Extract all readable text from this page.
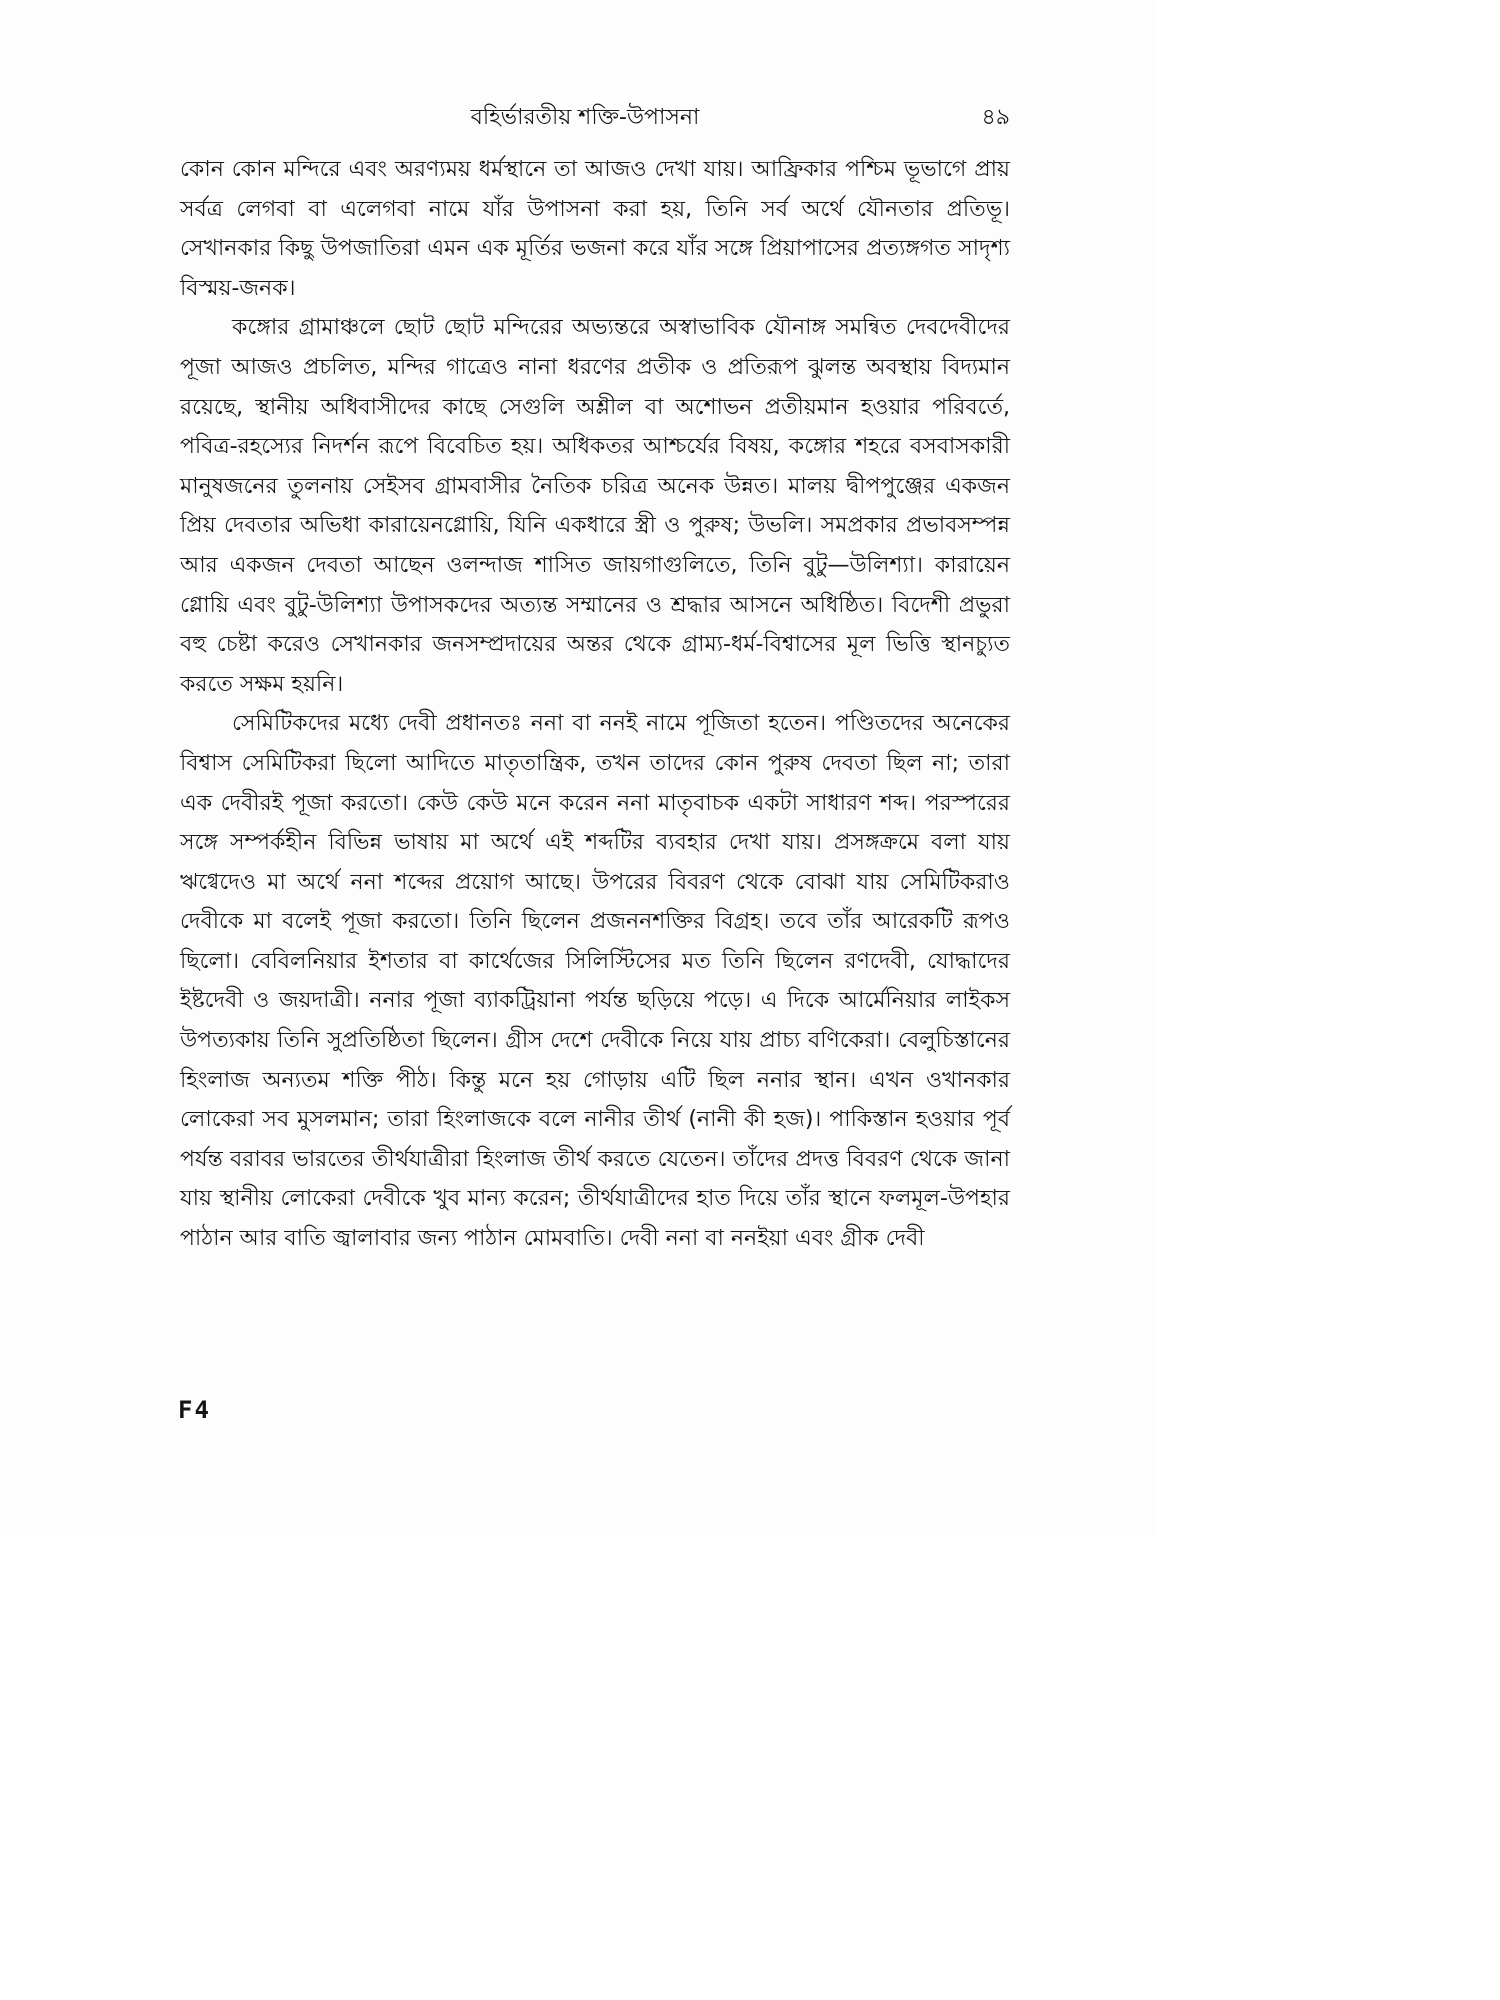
বহির্ভারতীয় শক্তি-উপাসনা	৪৯

কোন কোন মন্দিরে এবং অরণ্যময় ধর্মস্থানে তা আজও দেখা যায়। আফ্রিকার পশ্চিম ভূভাগে প্রায় সর্বত্র লেগবা বা এলেগবা নামে যাঁর উপাসনা করা হয়, তিনি সর্ব অর্থে যৌনতার প্রতিভূ। সেখানকার কিছু উপজাতিরা এমন এক মূর্তির ভজনা করে যাঁর সঙ্গে প্রিয়াপাসের প্রত্যঙ্গগত সাদৃশ্য বিস্ময়-জনক।

কঙ্গোর গ্রামাঞ্চলে ছোট ছোট মন্দিরের অভ্যন্তরে অস্বাভাবিক যৌনাঙ্গ সমন্বিত দেবদেবীদের পূজা আজও প্রচলিত, মন্দির গাত্রেও নানা ধরণের প্রতীক ও প্রতিরূপ ঝুলন্ত অবস্থায় বিদ্যমান রয়েছে, স্থানীয় অধিবাসীদের কাছে সেগুলি অশ্লীল বা অশোভন প্রতীয়মান হওয়ার পরিবর্তে, পবিত্র-রহস্যের নিদর্শন রূপে বিবেচিত হয়। অধিকতর আশ্চর্যের বিষয়, কঙ্গোর শহরে বসবাসকারী মানুষজনের তুলনায় সেইসব গ্রামবাসীর নৈতিক চরিত্র অনেক উন্নত। মালয় দ্বীপপুঞ্জের একজন প্রিয় দেবতার অভিধা কারায়েনগ্লোয়ি, যিনি একধারে স্ত্রী ও পুরুষ; উভলি। সমপ্রকার প্রভাবসম্পন্ন আর একজন দেবতা আছেন ওলন্দাজ শাসিত জায়গাগুলিতে, তিনি বুটু—উলিশ্যা। কারায়েন গ্লোয়ি এবং বুটু-উলিশ্যা উপাসকদের অত্যন্ত সম্মানের ও শ্রদ্ধার আসনে অধিষ্ঠিত। বিদেশী প্রভুরা বহু চেষ্টা করেও সেখানকার জনসম্প্রদায়ের অন্তর থেকে গ্রাম্য-ধর্ম-বিশ্বাসের মূল ভিত্তি স্থানচ্যুত করতে সক্ষম হয়নি।

সেমিটিকদের মধ্যে দেবী প্রধানতঃ ননা বা ননই নামে পূজিতা হতেন। পণ্ডিতদের অনেকের বিশ্বাস সেমিটিকরা ছিলো আদিতে মাতৃতান্ত্রিক, তখন তাদের কোন পুরুষ দেবতা ছিল না; তারা এক দেবীরই পূজা করতো। কেউ কেউ মনে করেন ননা মাতৃবাচক একটা সাধারণ শব্দ। পরস্পরের সঙ্গে সম্পর্কহীন বিভিন্ন ভাষায় মা অর্থে এই শব্দটির ব্যবহার দেখা যায়। প্রসঙ্গক্রমে বলা যায় ঋগ্বেদেও মা অর্থে ননা শব্দের প্রয়োগ আছে। উপরের বিবরণ থেকে বোঝা যায় সেমিটিকরাও দেবীকে মা বলেই পূজা করতো। তিনি ছিলেন প্রজননশক্তির বিগ্রহ। তবে তাঁর আরেকটি রূপও ছিলো। বেবিলনিয়ার ইশতার বা কার্থেজের সিলিস্টিসের মত তিনি ছিলেন রণদেবী, যোদ্ধাদের ইষ্টদেবী ও জয়দাত্রী। ননার পূজা ব্যাকট্রিয়ানা পর্যন্ত ছড়িয়ে পড়ে। এ দিকে আর্মেনিয়ার লাইকস উপত্যকায় তিনি সুপ্রতিষ্ঠিতা ছিলেন। গ্রীস দেশে দেবীকে নিয়ে যায় প্রাচ্য বণিকেরা। বেলুচিস্তানের হিংলাজ অন্যতম শক্তি পীঠ। কিন্তু মনে হয় গোড়ায় এটি ছিল ননার স্থান। এখন ওখানকার লোকেরা সব মুসলমান; তারা হিংলাজকে বলে নানীর তীর্থ (নানী কী হজ)। পাকিস্তান হওয়ার পূর্ব পর্যন্ত বরাবর ভারতের তীর্থযাত্রীরা হিংলাজ তীর্থ করতে যেতেন। তাঁদের প্রদত্ত বিবরণ থেকে জানা যায় স্থানীয় লোকেরা দেবীকে খুব মান্য করেন; তীর্থযাত্রীদের হাত দিয়ে তাঁর স্থানে ফলমূল-উপহার পাঠান আর বাতি জ্বালাবার জন্য পাঠান মোমবাতি। দেবী ননা বা ননইয়া এবং গ্রীক দেবী

F4
